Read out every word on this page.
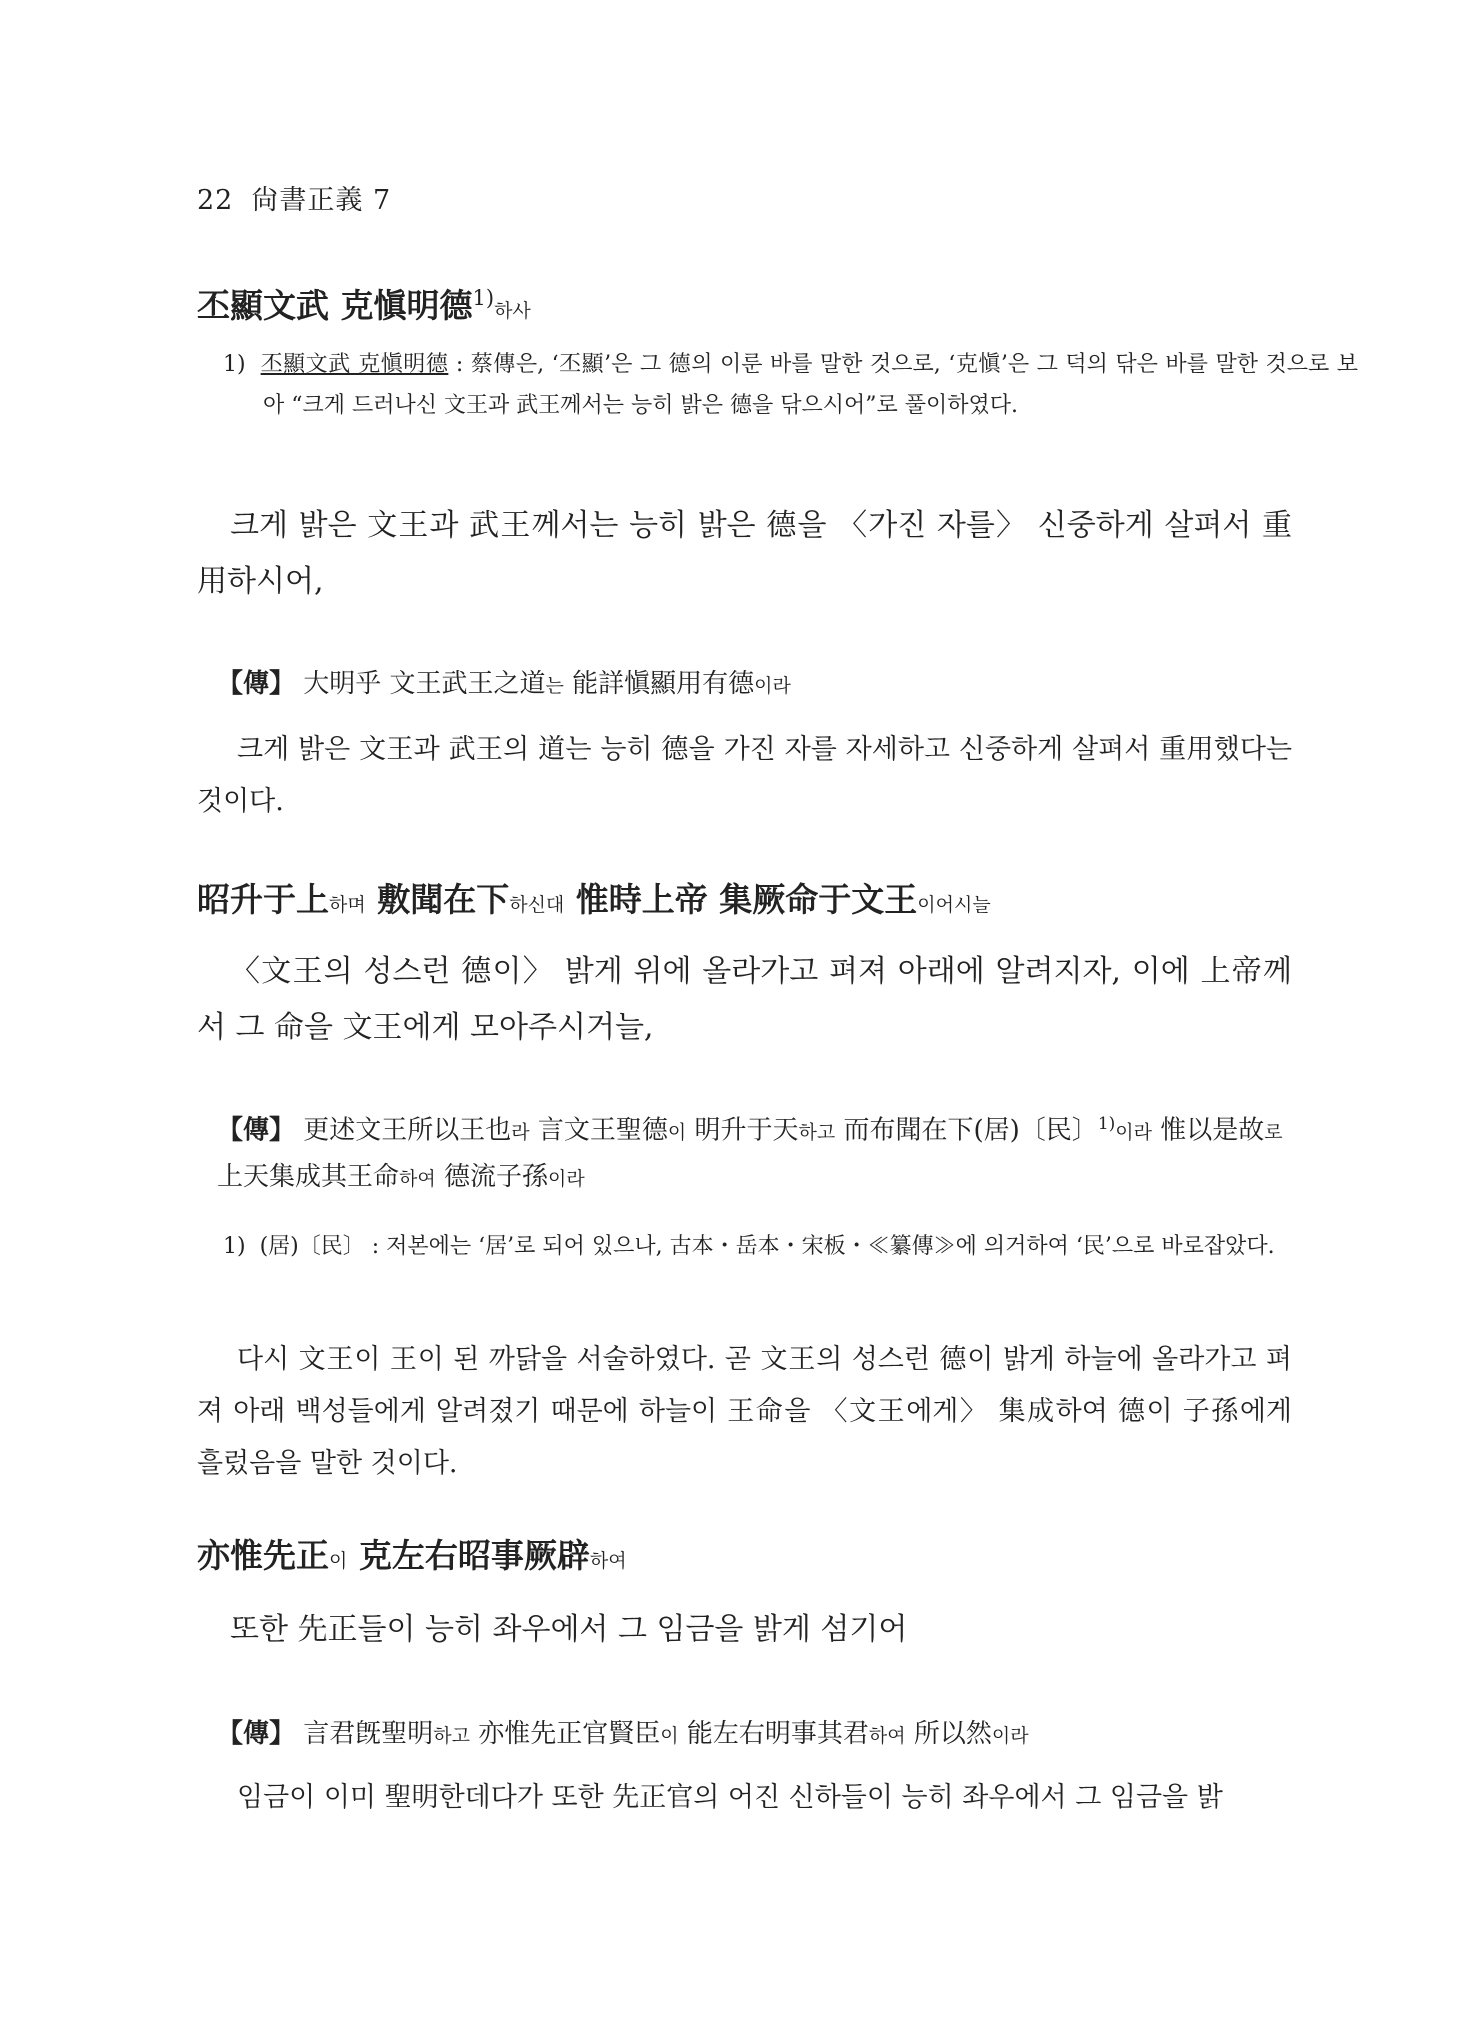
22 尙書正義 7

丕顯文武 克愼明德$^{1)}$하사

1) 丕顯文武 克愼明德 : 蔡傳은, ‘丕顯’은 그 德의 이룬 바를 말한 것으로, ‘克愼’은 그 덕의 닦은 바를 말한 것으로 보아 “크게 드러나신 文王과 武王께서는 능히 밝은 德을 닦으시어”로 풀이하였다.

크게 밝은 文王과 武王께서는 능히 밝은 德을 〈가진 자를〉 신중하게 살펴서 重用하시어,

【傳】 大明乎 文王武王之道는 能詳愼顯用有德이라

크게 밝은 文王과 武王의 道는 능히 德을 가진 자를 자세하고 신중하게 살펴서 重用했다는 것이다.

昭升于上하며 敷聞在下하신대 惟時上帝 集厥命于文王이어시늘

〈文王의 성스런 德이〉 밝게 위에 올라가고 펴져 아래에 알려지자, 이에 上帝께서 그 命을 文王에게 모아주시거늘,

【傳】 更述文王所以王也라 言文王聖德이 明升于天하고 而布聞在下(居)〔民〕$^{1)}$이라 惟以是故로 上天集成其王命하여 德流子孫이라

1) (居)〔民〕 : 저본에는 ‘居’로 되어 있으나, 古本・岳本・宋板・≪纂傳≫에 의거하여 ‘民’으로 바로잡았다.

다시 文王이 王이 된 까닭을 서술하였다. 곧 文王의 성스런 德이 밝게 하늘에 올라가고 펴져 아래 백성들에게 알려졌기 때문에 하늘이 王命을 〈文王에게〉 集成하여 德이 子孫에게 흘렀음을 말한 것이다.

亦惟先正이 克左右昭事厥辟하여

또한 先正들이 능히 좌우에서 그 임금을 밝게 섬기어

【傳】 言君旣聖明하고 亦惟先正官賢臣이 能左右明事其君하여 所以然이라

임금이 이미 聖明한데다가 또한 先正官의 어진 신하들이 능히 좌우에서 그 임금을 밝
